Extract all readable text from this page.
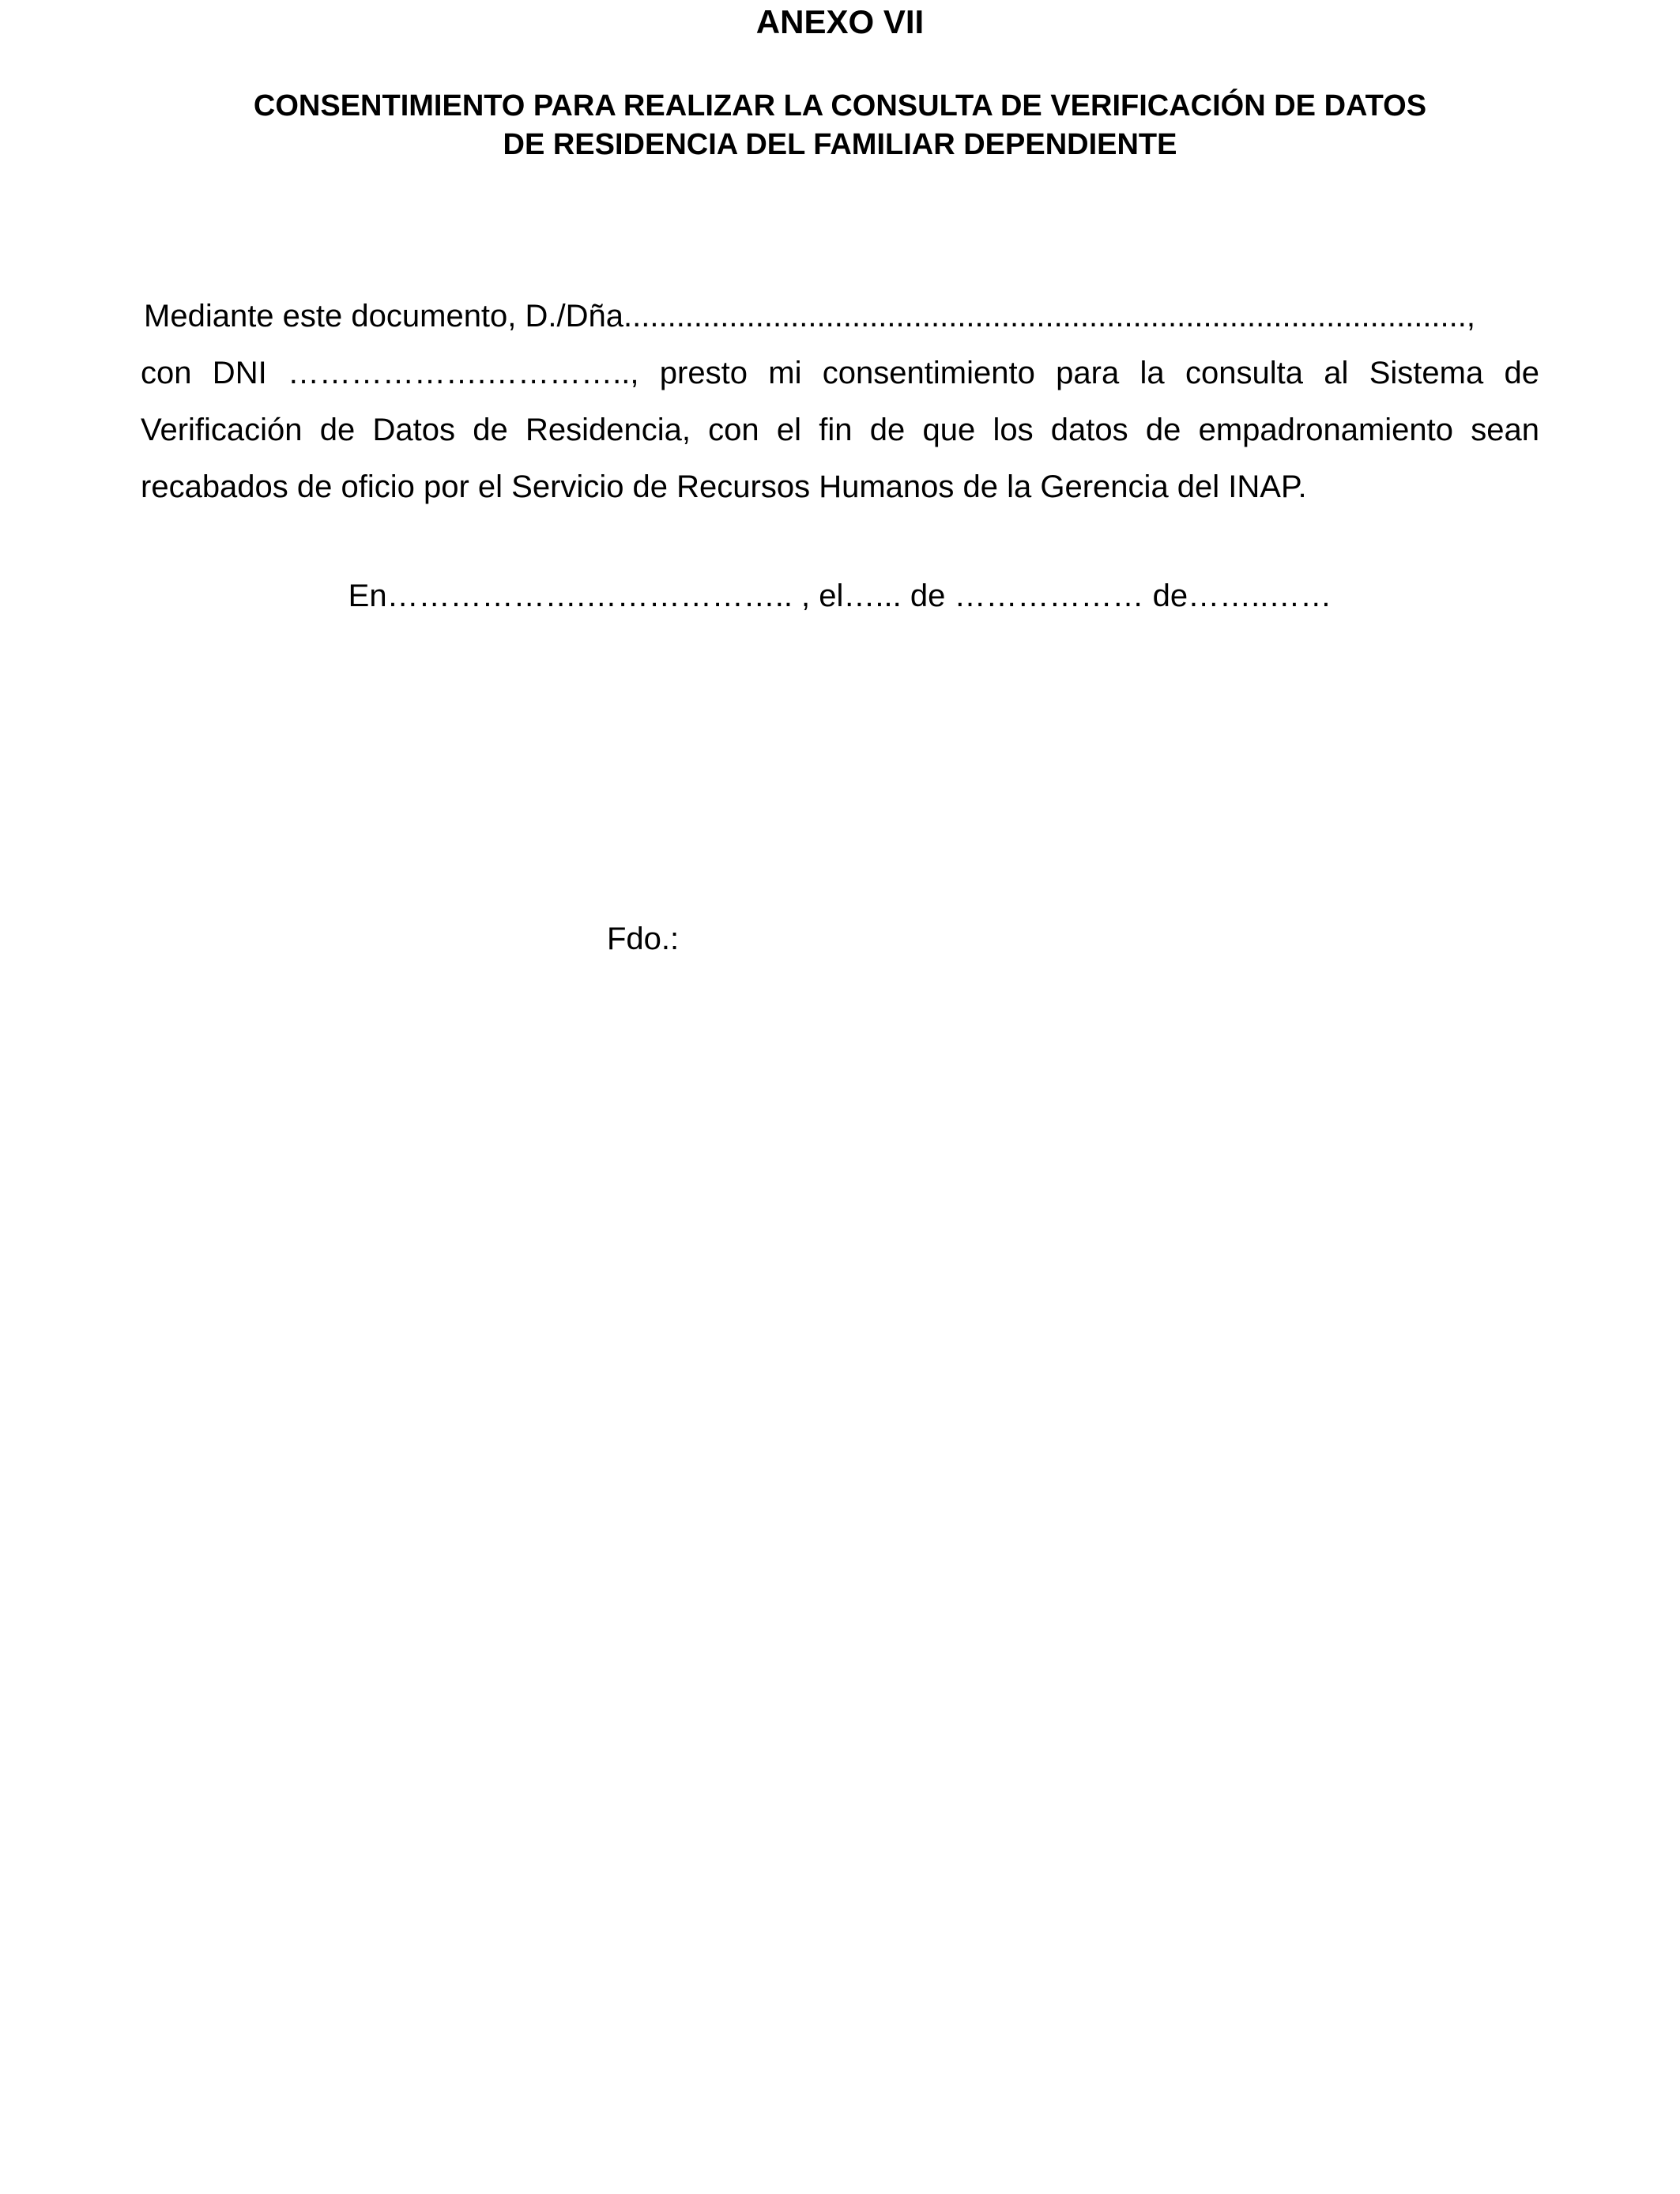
ANEXO VII
CONSENTIMIENTO PARA REALIZAR LA CONSULTA DE VERIFICACIÓN DE DATOS
DE RESIDENCIA DEL FAMILIAR DEPENDIENTE

Mediante este documento, D./Dña................................................................................................,
con DNI ……………….………….., presto mi consentimiento para la consulta al Sistema de
Verificación de Datos de Residencia, con el fin de que los datos de empadronamiento sean
recabados de oficio por el Servicio de Recursos Humanos de la Gerencia del INAP.

En……………….……………….. , el…... de ……………… de……..……

Fdo.:
